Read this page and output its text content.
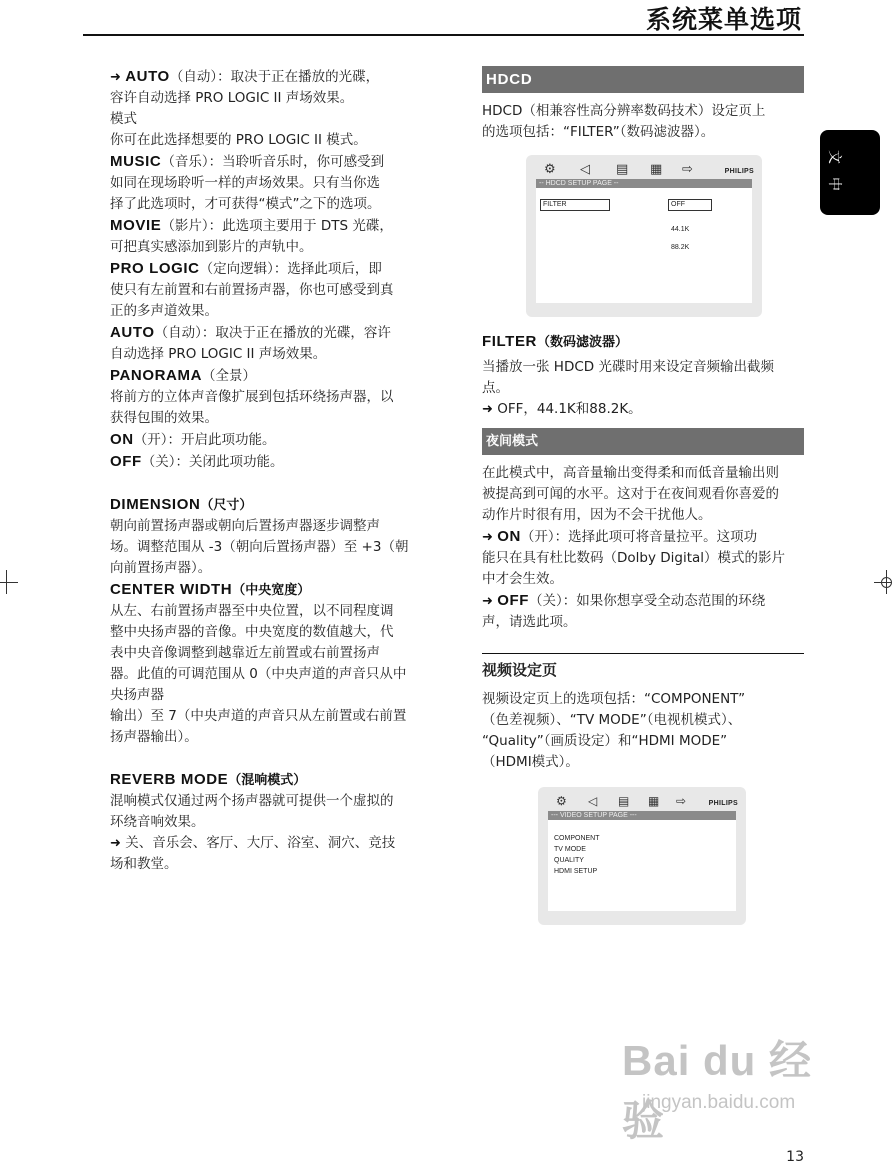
系统菜单选项
文
中

➜ AUTO（自动）：取决于正在播放的光碟，

容许自动选择 PRO LOGIC II 声场效果。

模式

你可在此选择想要的 PRO LOGIC II 模式。

MUSIC（音乐）：当聆听音乐时，你可感受到

如同在现场聆听一样的声场效果。只有当你选

择了此选项时，才可获得“模式”之下的选项。

MOVIE（影片）：此选项主要用于 DTS 光碟，

可把真实感添加到影片的声轨中。

PRO LOGIC（定向逻辑）：选择此项后，即

使只有左前置和右前置扬声器，你也可感受到真

正的多声道效果。

AUTO（自动）：取决于正在播放的光碟，容许

自动选择 PRO LOGIC II 声场效果。

PANORAMA（全景）

将前方的立体声音像扩展到包括环绕扬声器，以

获得包围的效果。

ON（开）：开启此项功能。

OFF（关）：关闭此项功能。

DIMENSION（尺寸）

朝向前置扬声器或朝向后置扬声器逐步调整声

场。调整范围从 -3（朝向后置扬声器）至 +3（朝

向前置扬声器）。

CENTER WIDTH（中央宽度）

从左、右前置扬声器至中央位置，以不同程度调

整中央扬声器的音像。中央宽度的数值越大，代

表中央音像调整到越靠近左前置或右前置扬声

器。此值的可调范围从 0（中央声道的声音只从中

央扬声器

输出）至 7（中央声道的声音只从左前置或右前置

扬声器输出）。

REVERB MODE（混响模式）

混响模式仅通过两个扬声器就可提供一个虚拟的

环绕音响效果。

➜ 关、音乐会、客厅、大厅、浴室、洞穴、竞技

场和教堂。

HDCD

HDCD（相兼容性高分辨率数码技术）设定页上

的选项包括：“FILTER”（数码滤波器）。

⚙ ◁ ▤ ▦ ⇨	PHILIPS
-- HDCD SETUP PAGE --
FILTER	OFF
44.1K
88.2K

FILTER（数码滤波器）

当播放一张 HDCD 光碟时用来设定音频输出截频

点。

➜ OFF，44.1K和88.2K。

夜间模式

在此模式中，高音量输出变得柔和而低音量输出则

被提高到可闻的水平。这对于在夜间观看你喜爱的

动作片时很有用，因为不会干扰他人。

➜ ON（开）：选择此项可将音量拉平。这项功

能只在具有杜比数码（Dolby Digital）模式的影片

中才会生效。

➜ OFF（关）：如果你想享受全动态范围的环绕

声，请选此项。

视频设定页

视频设定页上的选项包括：“COMPONENT”

（色差视频）、“TV MODE”（电视机模式）、

“Quality”（画质设定）和“HDMI MODE”

（HDMI模式）。

⚙ ◁ ▤ ▦ ⇨	PHILIPS
--- VIDEO SETUP PAGE ---
COMPONENT
TV MODE
QUALITY
HDMI SETUP
Bai du 经验
jingyan.baidu.com
13
